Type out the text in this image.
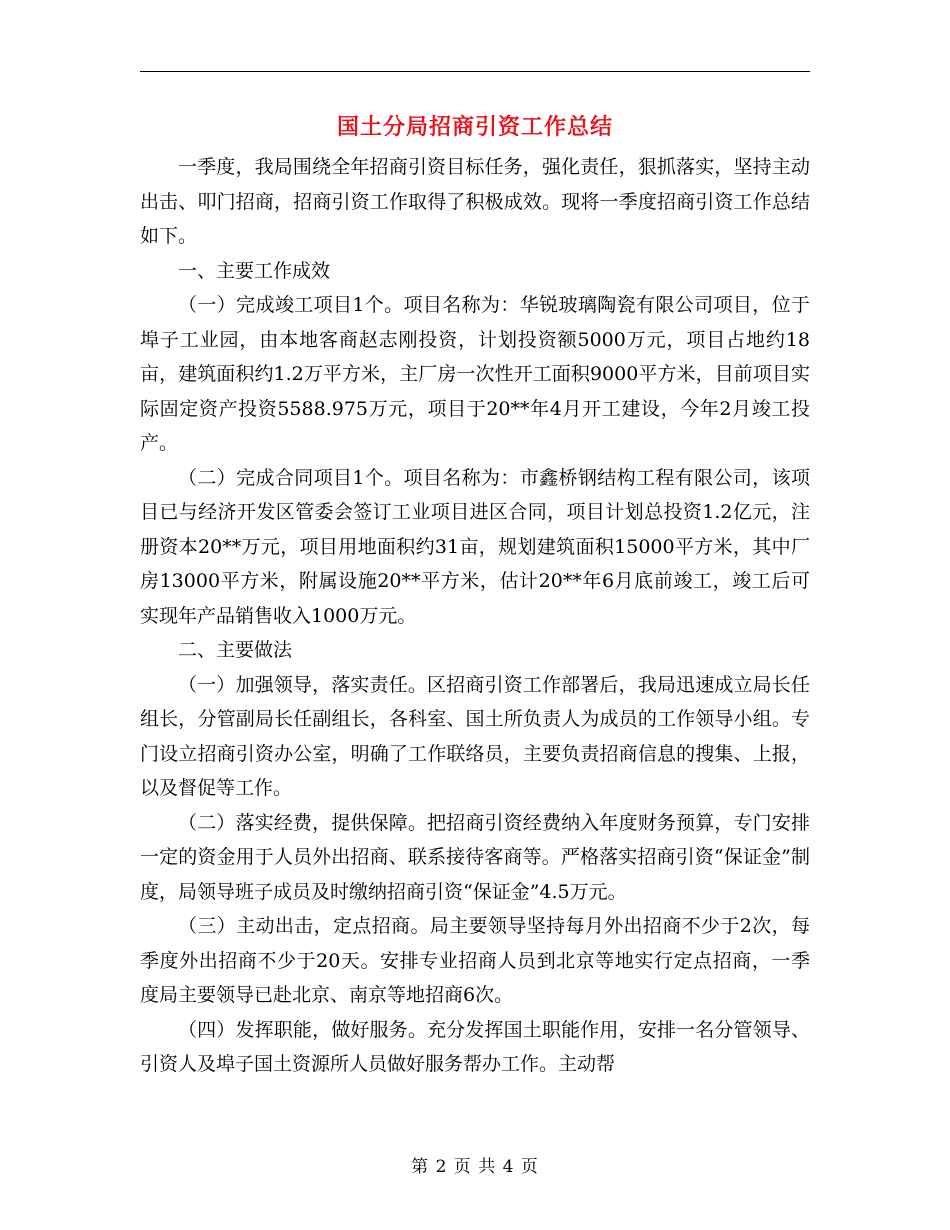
国土分局招商引资工作总结

一季度，我局围绕全年招商引资目标任务，强化责任，狠抓落实，坚持主动出击、叩门招商，招商引资工作取得了积极成效。现将一季度招商引资工作总结如下。

一、主要工作成效

（一）完成竣工项目1个。项目名称为：华锐玻璃陶瓷有限公司项目，位于埠子工业园，由本地客商赵志刚投资，计划投资额5000万元，项目占地约18亩，建筑面积约1.2万平方米，主厂房一次性开工面积9000平方米，目前项目实际固定资产投资5588.975万元，项目于20**年4月开工建设，今年2月竣工投产。

（二）完成合同项目1个。项目名称为：市鑫桥钢结构工程有限公司，该项目已与经济开发区管委会签订工业项目进区合同，项目计划总投资1.2亿元，注册资本20**万元，项目用地面积约31亩，规划建筑面积15000平方米，其中厂房13000平方米，附属设施20**平方米，估计20**年6月底前竣工，竣工后可实现年产品销售收入1000万元。

二、主要做法

（一）加强领导，落实责任。区招商引资工作部署后，我局迅速成立局长任组长，分管副局长任副组长，各科室、国土所负责人为成员的工作领导小组。专门设立招商引资办公室，明确了工作联络员，主要负责招商信息的搜集、上报，以及督促等工作。

（二）落实经费，提供保障。把招商引资经费纳入年度财务预算，专门安排一定的资金用于人员外出招商、联系接待客商等。严格落实招商引资“保证金”制度，局领导班子成员及时缴纳招商引资“保证金”4.5万元。

（三）主动出击，定点招商。局主要领导坚持每月外出招商不少于2次，每季度外出招商不少于20天。安排专业招商人员到北京等地实行定点招商，一季度局主要领导已赴北京、南京等地招商6次。

（四）发挥职能，做好服务。充分发挥国土职能作用，安排一名分管领导、引资人及埠子国土资源所人员做好服务帮办工作。主动帮

第 2 页 共 4 页
